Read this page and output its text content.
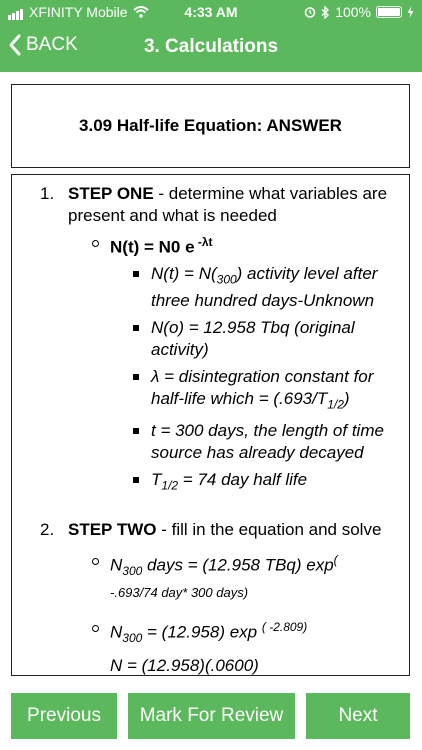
XFINITY Mobile	4:33 AM	100%
BACK	3. Calculations
3.09 Half-life Equation: ANSWER
1. STEP ONE - determine what variables are present and what is needed
N(t) = N0 e $^{-\lambda t}$
$N(t) = N(_{300})$ activity level after three hundred days-Unknown
N(o) = 12.958 Tbq (original activity)
λ = disintegration constant for half-life which = $(.693/T_{1/2})$
t = 300 days, the length of time source has already decayed
$T_{1/2} = 74$ day half life
2. STEP TWO - fill in the equation and solve
$N_{300}$ days = (12.958 TBq) exp(
-.693/74 day* 300 days)
$N_{300} = (12.958)$ exp $^{( -2.809)}$
N = (12.958)(.0600)
Previous Mark For Review	Next
